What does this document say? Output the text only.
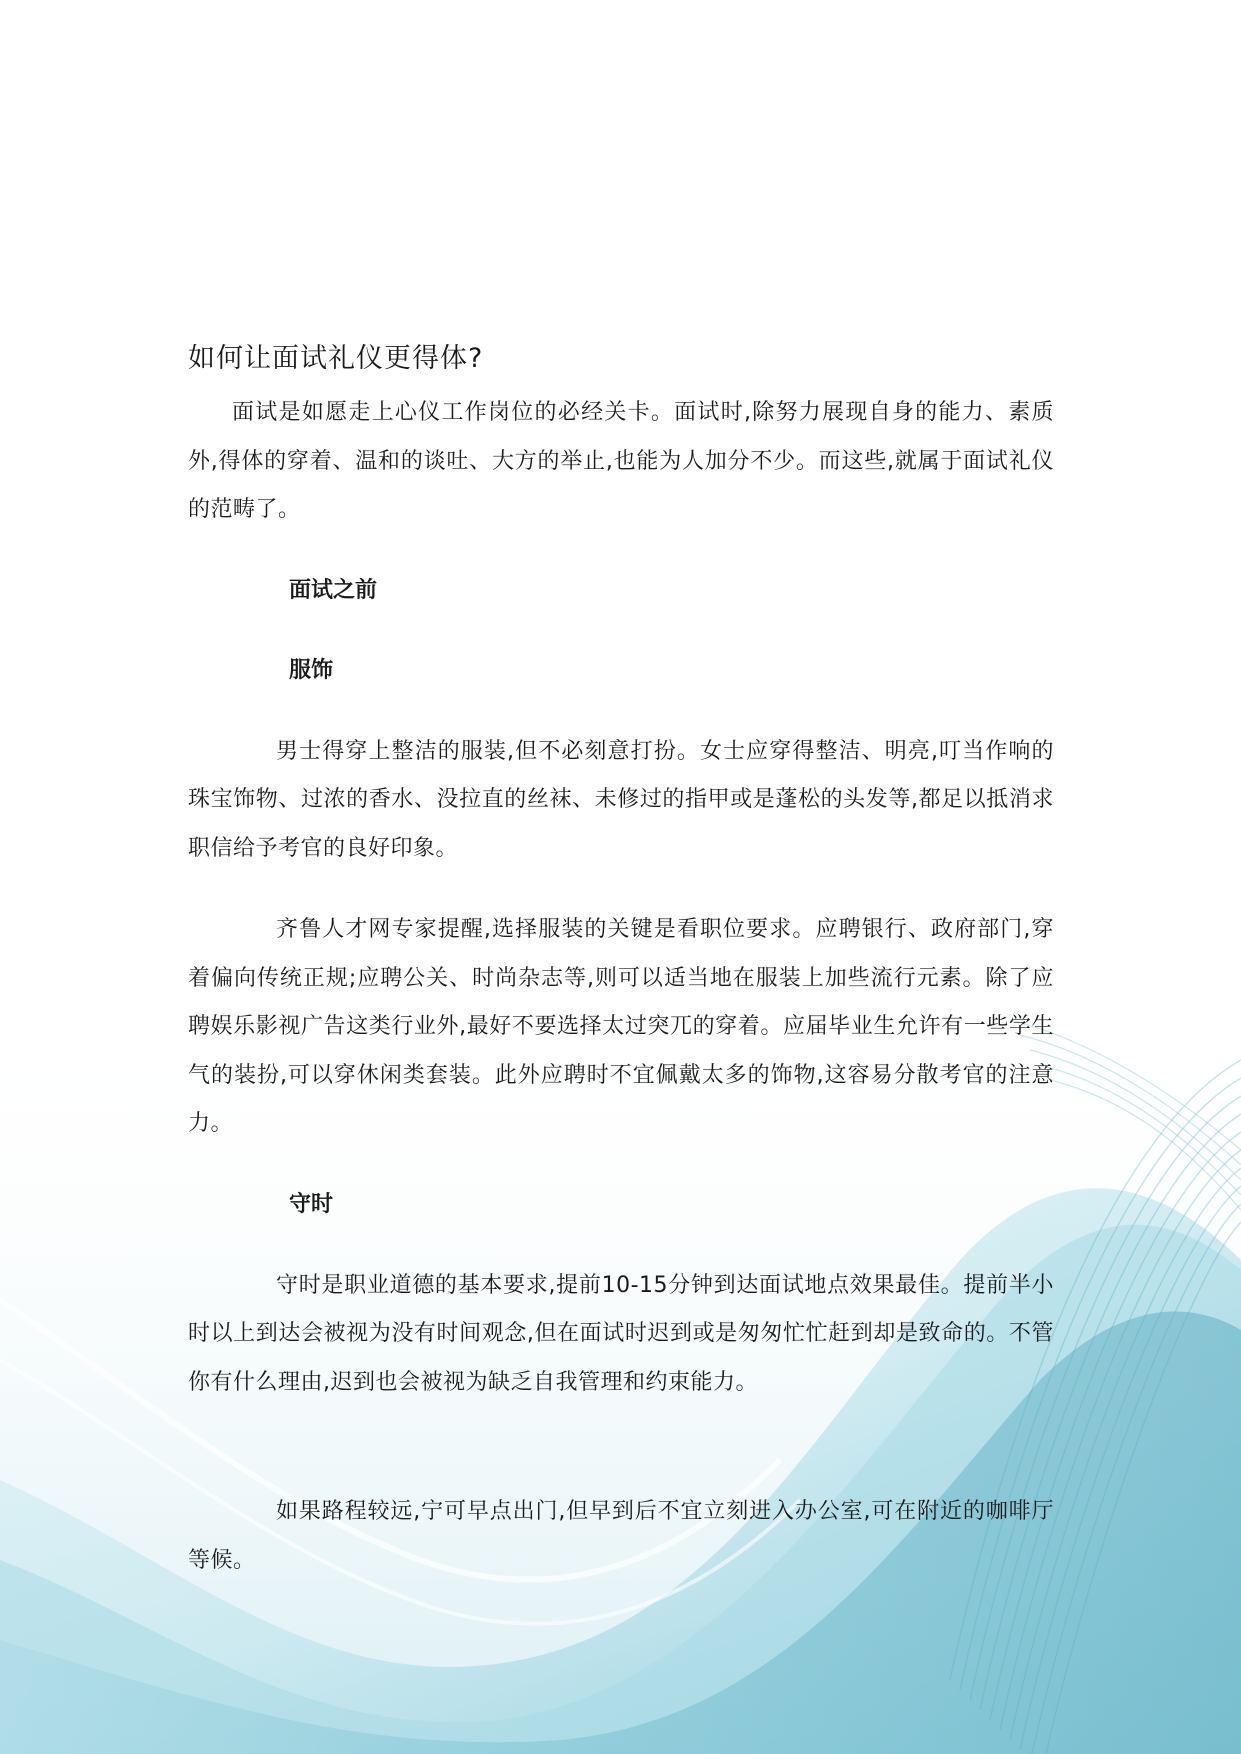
如何让面试礼仪更得体?

面试是如愿走上心仪工作岗位的必经关卡。面试时,除努力展现自身的能力、素质外,得体的穿着、温和的谈吐、大方的举止,也能为人加分不少。而这些,就属于面试礼仪的范畴了。

面试之前
服饰

男士得穿上整洁的服装,但不必刻意打扮。女士应穿得整洁、明亮,叮当作响的珠宝饰物、过浓的香水、没拉直的丝袜、未修过的指甲或是蓬松的头发等,都足以抵消求职信给予考官的良好印象。

齐鲁人才网专家提醒,选择服装的关键是看职位要求。应聘银行、政府部门,穿着偏向传统正规;应聘公关、时尚杂志等,则可以适当地在服装上加些流行元素。除了应聘娱乐影视广告这类行业外,最好不要选择太过突兀的穿着。应届毕业生允许有一些学生气的装扮,可以穿休闲类套装。此外应聘时不宜佩戴太多的饰物,这容易分散考官的注意力。

守时

守时是职业道德的基本要求,提前10-15分钟到达面试地点效果最佳。提前半小时以上到达会被视为没有时间观念,但在面试时迟到或是匆匆忙忙赶到却是致命的。不管你有什么理由,迟到也会被视为缺乏自我管理和约束能力。

如果路程较远,宁可早点出门,但早到后不宜立刻进入办公室,可在附近的咖啡厅等候。
